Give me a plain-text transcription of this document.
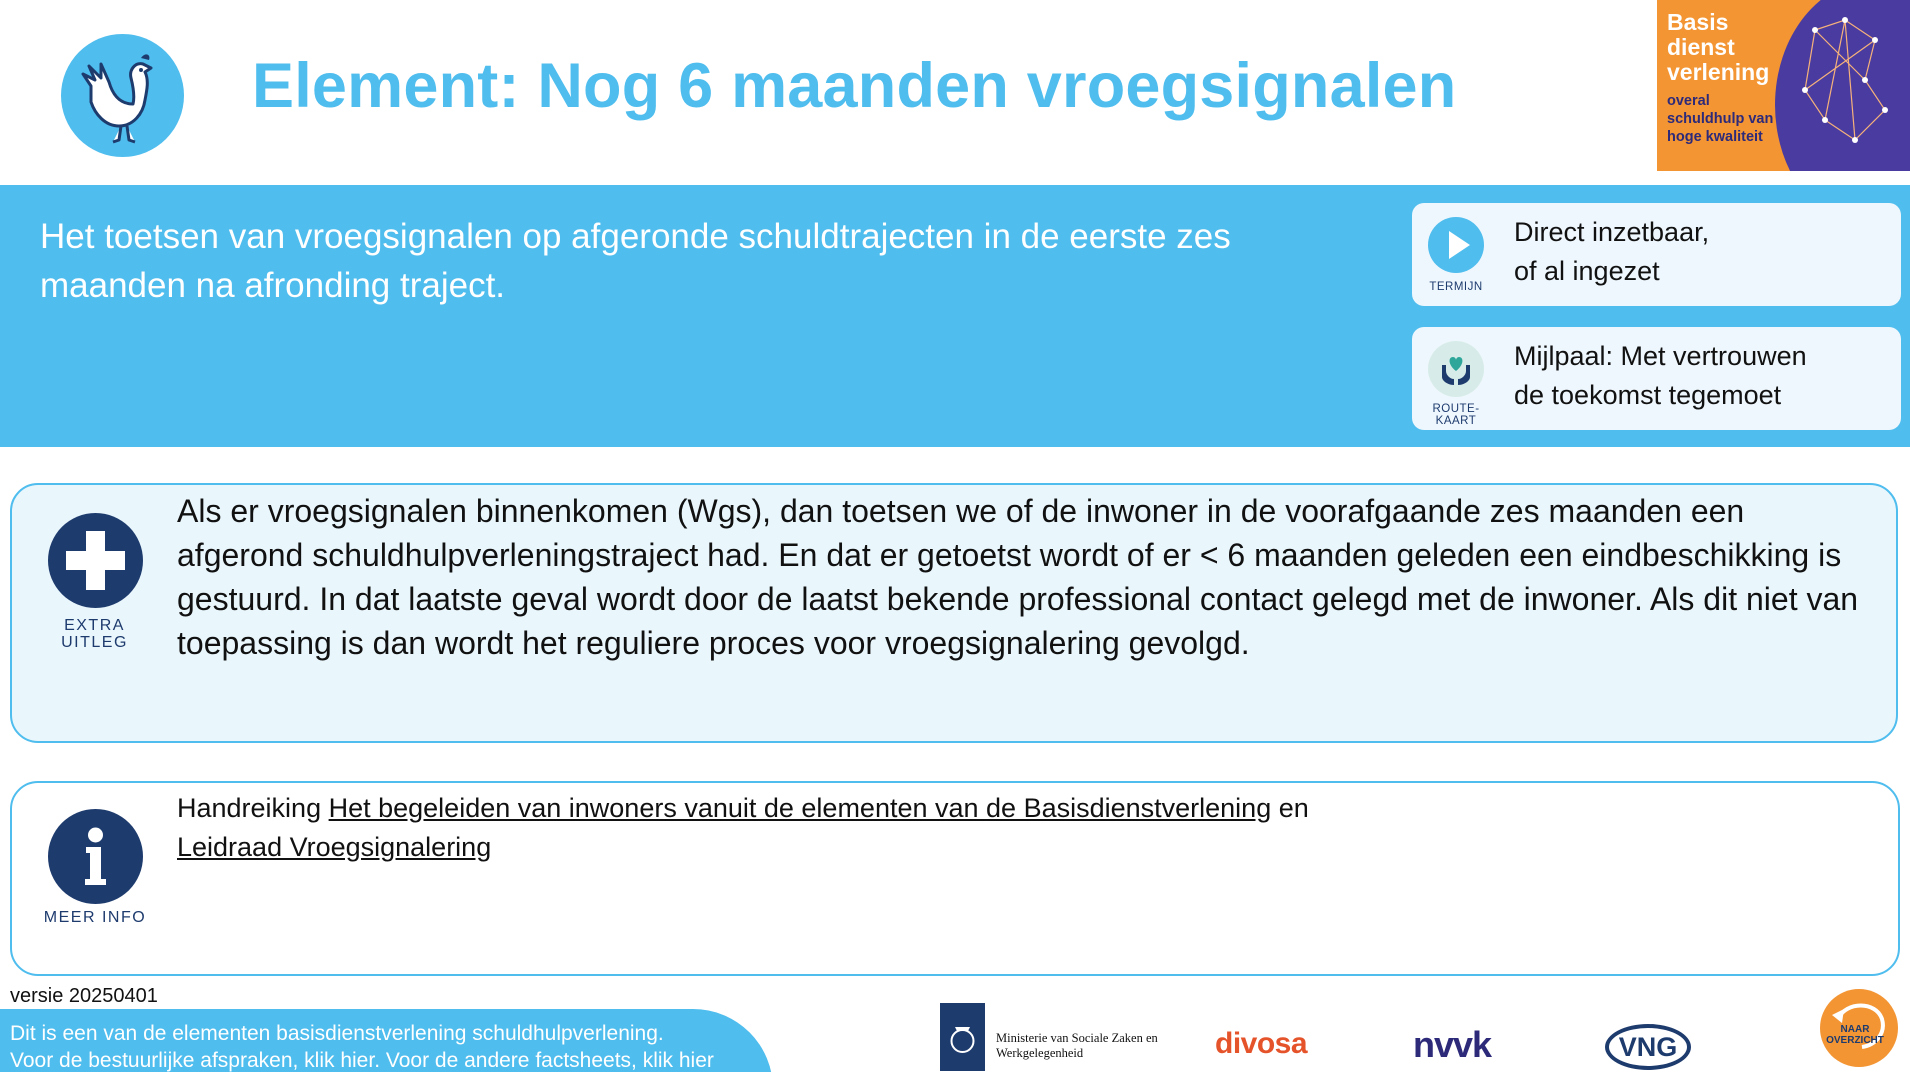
Element: Nog 6 maanden vroegsignalen
Basis
dienst
verlening
overal
schuldhulp van
hoge kwaliteit
Het toetsen van vroegsignalen op afgeronde schuldtrajecten in de eerste zes maanden na afronding traject.	TERMIJN
Direct inzetbaar,
of al ingezet
ROUTE-
KAART
Mijlpaal: Met vertrouwen
de toekomst tegemoet
EXTRA
UITLEG
Als er vroegsignalen binnenkomen (Wgs), dan toetsen we of de inwoner in de voorafgaande zes maanden een afgerond schuldhulpverleningstraject had. En dat er getoetst wordt of er < 6 maanden geleden een eindbeschikking is gestuurd. In dat laatste geval wordt door de laatst bekende professional contact gelegd met de inwoner. Als dit niet van toepassing is dan wordt het reguliere proces voor vroegsignalering gevolgd.
MEER INFO
Handreiking Het begeleiden van inwoners vanuit de elementen van de Basisdienstverlening en
Leidraad Vroegsignalering
versie 20250401
Dit is een van de elementen basisdienstverlening schuldhulpverlening.
Voor de bestuurlijke afspraken, klik hier. Voor de andere factsheets, klik hier
Ministerie van Sociale Zaken en
Werkgelegenheid	divosa	nvvk	VNG
NAAR
OVERZICHT
